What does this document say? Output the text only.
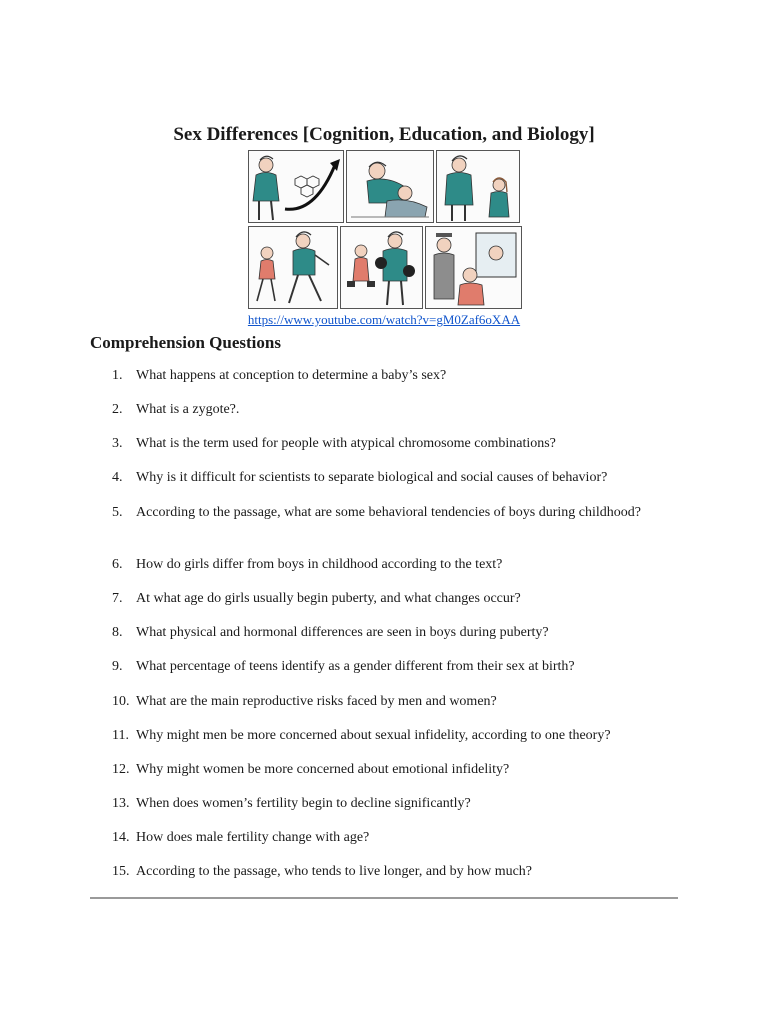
Sex Differences [Cognition, Education, and Biology]
https://www.youtube.com/watch?v=gM0Zaf6oXAA
Comprehension Questions
1. What happens at conception to determine a baby’s sex?
2. What is a zygote?.
3. What is the term used for people with atypical chromosome combinations?
4. Why is it difficult for scientists to separate biological and social causes of behavior?
5. According to the passage, what are some behavioral tendencies of boys during childhood?
6. How do girls differ from boys in childhood according to the text?
7. At what age do girls usually begin puberty, and what changes occur?
8. What physical and hormonal differences are seen in boys during puberty?
9. What percentage of teens identify as a gender different from their sex at birth?
10. What are the main reproductive risks faced by men and women?
11. Why might men be more concerned about sexual infidelity, according to one theory?
12. Why might women be more concerned about emotional infidelity?
13. When does women’s fertility begin to decline significantly?
14. How does male fertility change with age?
15. According to the passage, who tends to live longer, and by how much?
